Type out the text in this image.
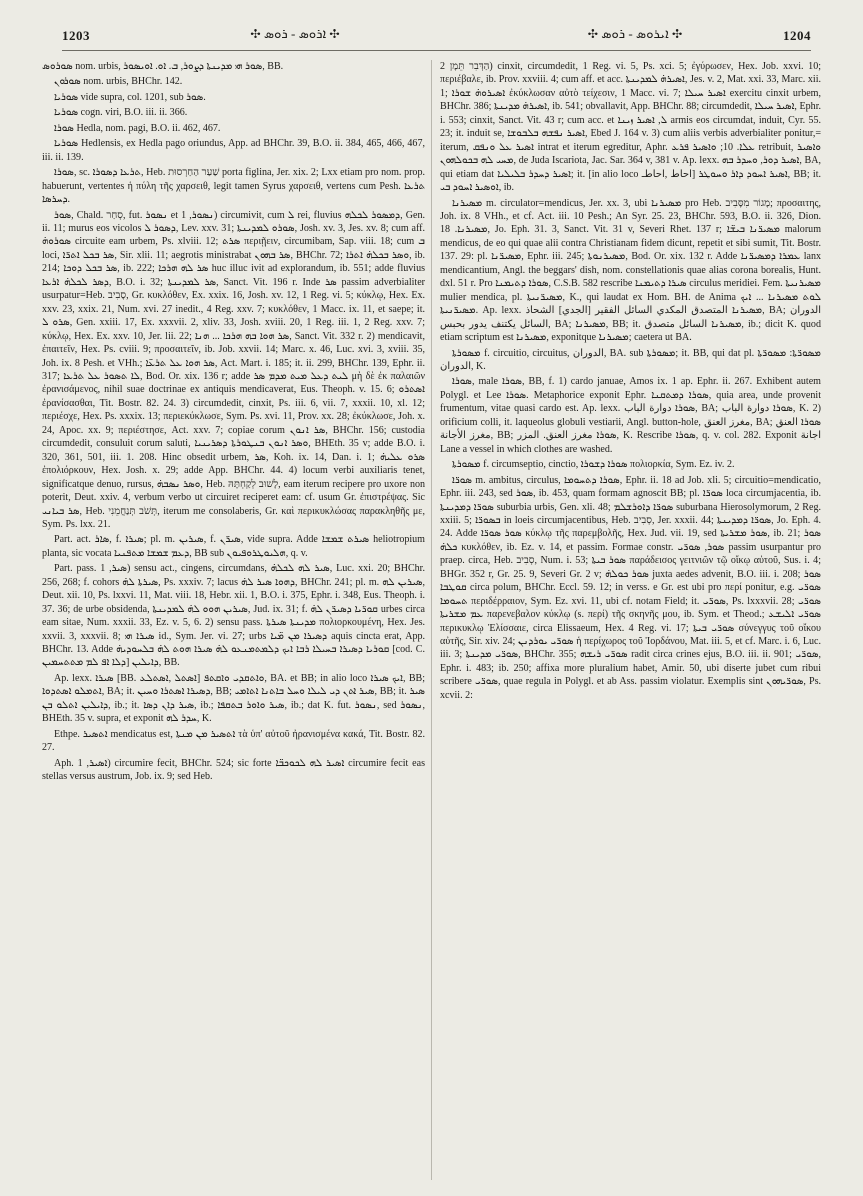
1203	✣ ܣܘܪ - ܣܘܪܐ ✣	✣ ܣܘܪ - ܣܘܪܝܐ ✣	1204

ܣܘܪܘܣ nom. urbis, ܣܘܪ ܗܝ ܡܕܝܢܬܐ ܕܨܘܪ, ܒ. ܐܘ. ܐܘܝܣܘܪ, BB.

ܣܘܪܘܢ nom. urbis, BHChr. 142.

ܣܘܪܝܐ vide supra, col. 1201, sub ܣܘܪ.

ܣܘܪܝܐ cogn. viri, B.O. iii. ii. 366.

ܣܘܪܐ Hedla, nom. pagi, B.O. ii. 462, 467.

ܣܘܪܝܐ Hedlensis, ex Hedla pago oriundus, App. ad BHChr. 39, B.O. ii. 384, 465, 466, 467, iii. ii. 139.

ܣܘܪܐ, sc. ܬܪܥܐ ܕܣܘܪܐ, Heb. שַׁעַר הַחַרְסוּת porta figlina, Jer. xix. 2; Lxx etiam pro nom. prop. habuerunt, vertentes ἡ πύλη τῆς χαρσειθ, legit tamen Syrus χαρσειθ, vertens cum Pesh. ܬܪܥܐ ܕܚܪܣܐ.

ܣܘܪ, Chald. סְחַר, fut. ܢܣܘܪ et ܢܣܘܪ, 1) circumivit, cum ܠ rei, fluvius ܕܡܣܘܪ ܠܟܠܗ, Gen. ii. 11; murus eos vicolos ܕܣܘܪ ܠ, Lev. xxv. 31; ܣܘܪܘ ܠܡܕܝܢܬܐ, Josh. xv. 3, Jes. xv. 8; cum aff. ܣܘܪܘܗ̇ circuite eam urbem, Ps. xlviii. 12; ܣܪܬ περιῇειν, circumibam, Sap. viii. 18; cum ܒ loci, ܣܪ ܒܟܠ ܐܬܪ̈ܐ, Sir. xlii. 11; aegrotis ministrabat ܣܪ ܒܗܘܢ, BHChr. 72; ܘܣܪ ܒܟܠܗ̇ ܐܬܪܐ, ib. 214; ܣܪ ܒܟܠ ܕܘܟܐ, ib. 222; ܣܪ ܠܗ ܗܪܟܐ huc illuc ivit ad explorandum, ib. 551; adde fluvius ܕܣܪ ܠܟܠܗ̇ ܐܪܥܐ, B.O. i. 32; ܣܪ ܠܡܕܝܢܬܐ, Sanct. Vit. 196 r. Inde ܣܪ passim adverbialiter usurpatur=Heb. סָבִיב, Gr. κυκλόθεν, Ex. xxix. 16, Josh. xv. 12, 1 Reg. vi. 5; κύκλῳ, Hex. Ex. xxv. 23, xxix. 21, Num. xvi. 27 inedit., 4 Reg. xxv. 7; κυκλόθεν, 1 Macc. ix. 11, et saepe; it. ܣܪܘ ܠ, Gen. xxiii. 17, Ex. xxxvii. 2, xliv. 33, Josh. xviii. 20, 1 Reg. iii. 1, 2 Reg. xxv. 7; κύκλῳ, Hex. Ex. xxv. 10, Jer. lii. 22; ܣܪ ܗܘܐ ܒܗ ܗܪܟܐ ... ܗܢܐ, Sanct. Vit. 332 r. 2) mendicavit, ἐπαιτεῖν, Hex. Ps. cviii. 9; προσαιτεῖν, ib. Job. xxvii. 14; Marc. x. 46, Luc. xvi. 3, xviii. 35, Joh. ix. 8 Pesh. et VHh.; ܣܪ ܗܘܐ ܥܠ ܬܪܥ̈ܐ, Act. Mart. i. 185; it. ii. 299, BHChr. 139, Ephr. ii. 317; ܠܐ ܬܣܘܪ ܥܠ ܬܪܥܐ, Bod. Or. xix. 136 r; adde ܠܝܬ ܕܥܠ ܡܝܬ ܡܕܡ ܣܪ μὴ δὲ ἐκ παλαιῶν ἐρανισάμενος, nihil suae doctrinae ex antiquis mendicaverat, Eus. Theoph. v. 15. 6; ܐܣܬܪܘ ἐρανίσασθαι, Tit. Bostr. 82. 24. 3) circumdedit, cinxit, Ps. iii. 6, vii. 7, xxxii. 10, xl. 12; περιέσχε, Hex. Ps. xxxix. 13; περιεκύκλωσε, Sym. Ps. xvi. 11, Prov. xx. 28; ἐκύκλωσε, Joh. x. 24, Apoc. xx. 9; περιέστησε, Act. xxv. 7; copiae corum ܣܪ ܐܢܘܢ, BHChr. 156; custodia circumdedit, consuluit corum saluti, ܘܣܪ ܐܢܘܢ ܒܢܛܘܪܬܐ ܕܣܪܝܢܝܐ, BHEth. 35 v; adde B.O. i. 320, 361, 501, iii. 1. 208. Hinc obsedit urbem, ܣܪ, Koh. ix. 14, Dan. i. 1; ܣܪܘ ܥܠܝܗ̇ ἐπολιόρκουν, Hex. Josh. x. 29; adde App. BHChr. 44. 4) locum verbi auxiliaris tenet, significatque denuo, rursus, ܘܣܪ ܢܣܒܗ̇, Heb. לָשׁוּב לְקַחְתָּהּ, eam iterum recipere pro uxore non poterit, Deut. xxiv. 4, verbum verbo ut circuiret reciperet eam: cf. usum Gr. ἐπιστρέψας. Sic ܣܪ ܒܝܐܢܝ, Heb. תְּשֹׁב תְּנַחֲמֵנִי, iterum me consolaberis, Gr. καὶ περικυκλώσας παρακληθῆς με, Sym. Ps. lxx. 21.

Part. act. ܣܐܪ, f. ܣܝܪܐ; pl. m. ܣܝܪܝܢ, f. ܣܝܪ̈ܢ, vide supra. Adde ܣܝܪܬ ܫܡܫܐ heliotropium planta, sic vocata ܕܥܡ ܫܡܫܐ ܡܬܦܢܝܐ, BB sub ܗܠܝܘܛܪܘܦܝܘܢ, q. v.

Part. pass. ܣܝܪ, 1) sensu act., cingens, circumdans, ܣܝܪ ܠܗ ܠܟܠܗ̇, Luc. xxi. 20; BHChr. 256, 268; f. cohors ܣܝܪܬܐ ܠܗ̇, Ps. xxxiv. 7; lacus ܕܗܘܐ ܣܝܪ ܠܗ̇, BHChr. 241; pl. m. ܣܝܪܝܢ ܠܗ, Deut. xii. 10, Ps. lxxvi. 11, Mat. viii. 18, Hebr. xii. 1, B.O. i. 375, Ephr. i. 348, Eus. Theoph. i. 37. 36; de urbe obsidenda, ܣܝܪܝܢ ܗܘܘ ܠܗ̇ ܠܡܕܝܢܬܐ, Jud. ix. 31; f. ܩܘܪ̈ܝܐ ܕܣܝܪ̈ܢ ܠܗ̇ urbes circa eam sitae, Num. xxxii. 33, Ez. v. 5, 6. 2) sensu pass. ܡܕܝܢܬܐ ܣܝܪܬܐ πολιορκουμένη, Hex. Jes. xxvii. 3, xxxvii. 8; ܣܝܪܐ ܗܝ id., Sym. Jer. vi. 27; urbs ܕܣܝܪܐ ܡܢ ܡ̈ܝܐ aquis cincta erat, App. BHChr. 13. Adde ܩܘܪܝܐ ܕܣܝܪܐ ܒܚܝܠܐ ܪܒܐ ܐܝܟ ܕܠܡܬܡܢܥܘ ܠܗ̇ ܣܝܪܐ ܗܘܬ ܠܗ̇ ܒܠܚܘܕܝܗ̇ [cod. C. ܕܠܐ ܐܦ ܠܡ ܡܬܬܚܡܝܢ] ܕܐܝܠܝܢ, BB.

Ap. lexx. ܣܝܪܐ [BB. ܐܣܬܠ ,ܐܣܬܠܥ] ܘܐܬܩܕܝ ܘܐܩܬܦ, BA. et BB; in alio loco ܐܝܟ ܣܝܪܐ, BB; ܐܬܡܠܘ ܐܣܬܕܘܐ, BA; it. ܕܣܝܪܐ ܐܣܬܪܐ ܘܚܝܢ, BB; ܣܝܪ ܐܬܢ ܕܝ ܠܝܠܐ ܘܚܠ ܒܐܬܢܐ ܐܬܐܡܝ, BB; it. ܣܝܪ ܕܐܝܠܝܢ ܐܬܠܘ ܒܢ, ib.; it. ܣܝܪ ܕܐܢ ܕܣܐ, ib.; ܣܝܪ ܘܐܘܪ ܒܬܩܦܐ, ib.; dat K. fut. ܢܣܘܪ, sed ܢܣܘܪ, BHEth. 35 v. supra, et exponit ܚܕܪ ܠܗ, K.

Ethpe. ܐܬܣܝܪ mendicatus est, ܐܬܣܝܪ ܡܢ ܡܢܬܐ τὰ ὑπ' αὐτοῦ ἠρανισμένα κακά, Tit. Bostr. 82. 27.

Aph. ܐܣܝܪ, 1) circumire fecit, BHChr. 524; sic forte ܐܣܝܪ ܠܗ ܠܟܘܟܒ̈ܐ circumire fecit eas stellas versus austrum, Job. ix. 9; sed Heb.

הַדְּבִר תֵּמָן 2) cinxit, circumdedit, 1 Reg. vi. 5, Ps. xci. 5; ἐγύρωσεν, Hex. Job. xxvi. 10; περιέβαλε, ib. Prov. xxviii. 4; cum aff. et acc. ܐܣܝܪܗ̇ ܠܡܕܝܢܬܐ, Jes. v. 2, Mat. xxi. 33, Marc. xii. 1; ܐܣܝܪܘܗ̇ ܫܘܪܐ ἐκύκλωσαν αὐτὸ τείχεσιν, 1 Macc. vi. 7; ܐܣܝܪ ܚܝܠܐ exercitu cinxit urbem, BHChr. 386; ܐܣܝܪܗ̇ ܡܕܝܢܬܐ, ib. 541; obvallavit, App. BHChr. 88; circumdedit, ܐܣܝܪ ܚܝܠܐ, Ephr. i. 553; cinxit, Sanct. Vit. 43 r; cum acc. et ܠ, ܐܣܝܪ ܙܝܢܐ armis eos circumdat, induit, Cyr. 55. 23; it. induit se, ܐܣܝܪ ܢܦܫܗ ܒܠܒܘܫܐ, Ebed J. 164 v. 3) cum aliis verbis adverbialiter ponitur,= iterum, ܐܣܝܪ ܥܠ ܘܢܦܩ intrat et iterum egreditur, Aphr. ܥܠܐ. 10; ܘܐܣܝܪ ܦܪܥ retribuit, ܘܐܣܝܪ ܡܚܝ ܠܗ ܒܟܘܠܗܘܢ, de Juda Iscariota, Jac. Sar. 364 v, 381 v. Ap. lexx. ܐܣܝܪ ܕܘܪ, ܘܚܕܪ ܒܗ, BA, qui etiam dat ܐܣܝܪ ܕܚܕܪ ܒܠܝܠܝܐ; it. [in alio loco احاط ,احاطـ] ܐܣܝܪ ܐܚܘܕ ܕܐܪ ܘܚܘܛܪ, BB; it. ܐܘܣܝܪ ܐܚܘܕ ܒܝ, ib.

ܡܣܝܪܢܐ m. circulator=mendicus, Jer. xx. 3, ubi ܡܣܝܪܢܐ pro Heb. מָגוֹר מִסָּבִיב; προσαιτης, Joh. ix. 8 VHh., et cf. Act. iii. 10 Pesh.; An Syr. 25. 23, BHChr. 593, B.O. ii. 326, Dion. ܡܣܝܪܢܐ. 18, Jo. Eph. 31. 3, Sanct. Vit. 31 v, Severi Rhet. 137 r; ܡܣܝܪ̈ܢܐ ܒܝܫ̈ܐ malorum mendicus, de eo qui quae alii contra Christianam fidem dicunt, repetit et sibi sumit, Tit. Bostr. 137. 29: pl. ܡܣܝܪ̈ܢܐ, Ephr. iii. 245; ܡܣܝܪܢܘܬܐ, Bod. Or. xix. 132 r. Adde ܥܡܪܐ ܕܡܣܝܪ̈ܢܐ lanx mendicantium, Angl. the beggars' dish, nom. constellationis quae alias corona borealis, Hunt. dxl. 51 r. Pro ܣܘܪܐ ܕܬܝܡܢܐ, C.S.B. 582 rescribe ܣܝܪܐ ܕܬܝܡܢܐ circulus meridiei. Fem. ܡܣܝܪܢܝܬܐ mulier mendica, pl. ܡܣܝܪ̈ܢܝܬܐ, K., qui laudat ex Hom. BH. de Anima ܠܘܬ ܡܣܝܪܢܐ ... ܐܝܟ ܡܣܝܪ̈ܢܝܬܐ. Ap. lexx. ܡܣܝܪܢܐ المتصدق المكدي السائل الفقير [الجدي] الشحاذ, BA; الدوران السائل يكتنف يدور بحبس, BA; ܡܣܝܪܢܐ, BB; it. ܡܣܝܪܢܐ السائل متصدق, ib.; dicit K. quod etiam scriptum est ܡܣܝܪܢܐ, exponitque ܡܣܝܪܢܐ; caetera ut BA.

ܡܣܘܪܬܐ f. circuitio, circuitus, الدوران, BA. sub ܡܣܘܪܬܐ; it. BB, qui dat pl. ܡܣܘܪ̈ܬܐ: ܡܣܘܪ̈ܬܐ الدوران, K.

ܣܘܪܐ, male ܣܘܪܐ, BB, f. 1) cardo januae, Amos ix. 1 ap. Ephr. ii. 267. Exhibent autem Polygl. et Lee ܣܘܪܐ. Metaphorice exponit Ephr. ܣܘܪܐ ܕܡܬܩܢܐ, quia area, unde provenit frumentum, vitae quasi cardo est. Ap. lexx. ܣܘܪܐ دوارة الباب, BA; ܣܘܪܐ دوارة الباب, K. 2) orificium colli, it. laqueolus globuli vestiarii, Angl. button-hole, مغرز العنق, BA; ܣܘܪܐ العنق مغرز الأجانة, BB; ܣܘܪܐ مغرز العنق. المزر, K. Rescribe ܣܘܪܐ, q. v. col. 282. Exponit اجانة Lane a vessel in which clothes are washed.

ܡܣܘܪܬܐ f. circumseptio, cinctio, ܣܘܪܐ ܕܫܘܪܐ πολιορκία, Sym. Ez. iv. 2.

ܣܘܪ̈ܐ m. ambitus, circulus, ܣܘܪܐ ܕܬܚܘܡܐ, Ephr. ii. 18 ad Job. xli. 5; circuitio=mendicatio, Ephr. iii. 243, sed ܣܘܪ, ib. 453, quam formam agnoscit BB; pl. ܣܘܪ̈ܐ loca circumjacentia, ib. ܣܘܪ̈ܐ ܕܡܕܝܢܬܐ suburbia urbis, Gen. xli. 48; ܣܘܪ̈ܐ ܕܐܘܪܫܠܡ suburbana Hierosolymorum, 2 Reg. xxiii. 5; ܒܣܘܪ̈ܐ in loeis circumjacentibus, Heb. סְבִיב, Jer. xxxii. 44; ܣܘܪ̈ܐ ܕܡܕܝܢܬܐ, Jo. Eph. 4. 24. Adde ܣܘܪ ܣܘܪ̈ܐ κύκλῳ τῆς παρεμβολῆς, Hex. Jud. vii. 19, sed ܣܘܪ ܡܫܪܝܬܐ, ib. 21; ܣܘܪ ܟܠܗ̇ κυκλόθεν, ib. Ez. v. 14, et passim. Formae constr. ܣܘܪ, ܣܘܪ̈ܝ passim usurpantur pro praep. circa, Heb. סְבִיב, Num. i. 53; ܣܘܪ ܒܝܬܐ παράδεισος γειτνιῶν τῷ οἴκῳ αὐτοῦ, Sus. i. 4; BHGr. 352 r, Gr. 25. 9, Severi Gr. 2 v; ܣܘܪ ܟܘܠܗ̇ juxta aedes advenit, B.O. iii. i. 208; ܣܘܪ ܩܘܛܒܐ circa polum, BHChr. Eccl. 59. 12; in verss. e Gr. est ubi pro περί ponitur, e.g. ܣܘܪ̈ܝ ܬܚܘܡܐ περιδέρραιον, Sym. Ez. xvi. 11, ubi cf. notam Field; it. ܣܘܪ̈ܝ, Ps. lxxxvii. 28; ܣܘܪ̈ܝ ܥܡ ܡܫܪܝܬܐ παρενεβαλον κύκλῳ (s. περί) τῆς σκηνῆς μου, ib. Sym. et Theod.; ܣܘܪ̈ܝ ܐܠܝܫܥ περικυκλῳ Ἐλίσσαιε, circa Elissaeum, Hex. 4 Reg. vi. 17; ܣܘܪ̈ܝ ܒܝܬܐ σύνεγγυς τοῦ οἴκου αὐτῆς, Sir. xiv. 24; ܣܘܪ̈ܝ ܝܘܪܕܢܢ ἡ περίχωρος τοῦ Ἰορδάνου, Mat. iii. 5, et cf. Marc. i. 6, Luc. iii. 3; ܣܘܪ̈ܝ ܡܕܝܢܬܐ, BHChr. 355; ܣܘܪ̈ܝ ܪܝܫܗ radit circa crines ejus, B.O. iii. ii. 901; ܣܘܪ̈ܝ, Ephr. i. 483; ib. 250; affixa more pluralium habet, Amir. 50, ubi diserte jubet cum ribui scribere ܣܘܪ̈ܝ, quae regula in Polygl. et ab Ass. passim violatur. Exemplis sint ܣܘܪ̈ܝܗܘܢ, Ps. xcvii. 2:
